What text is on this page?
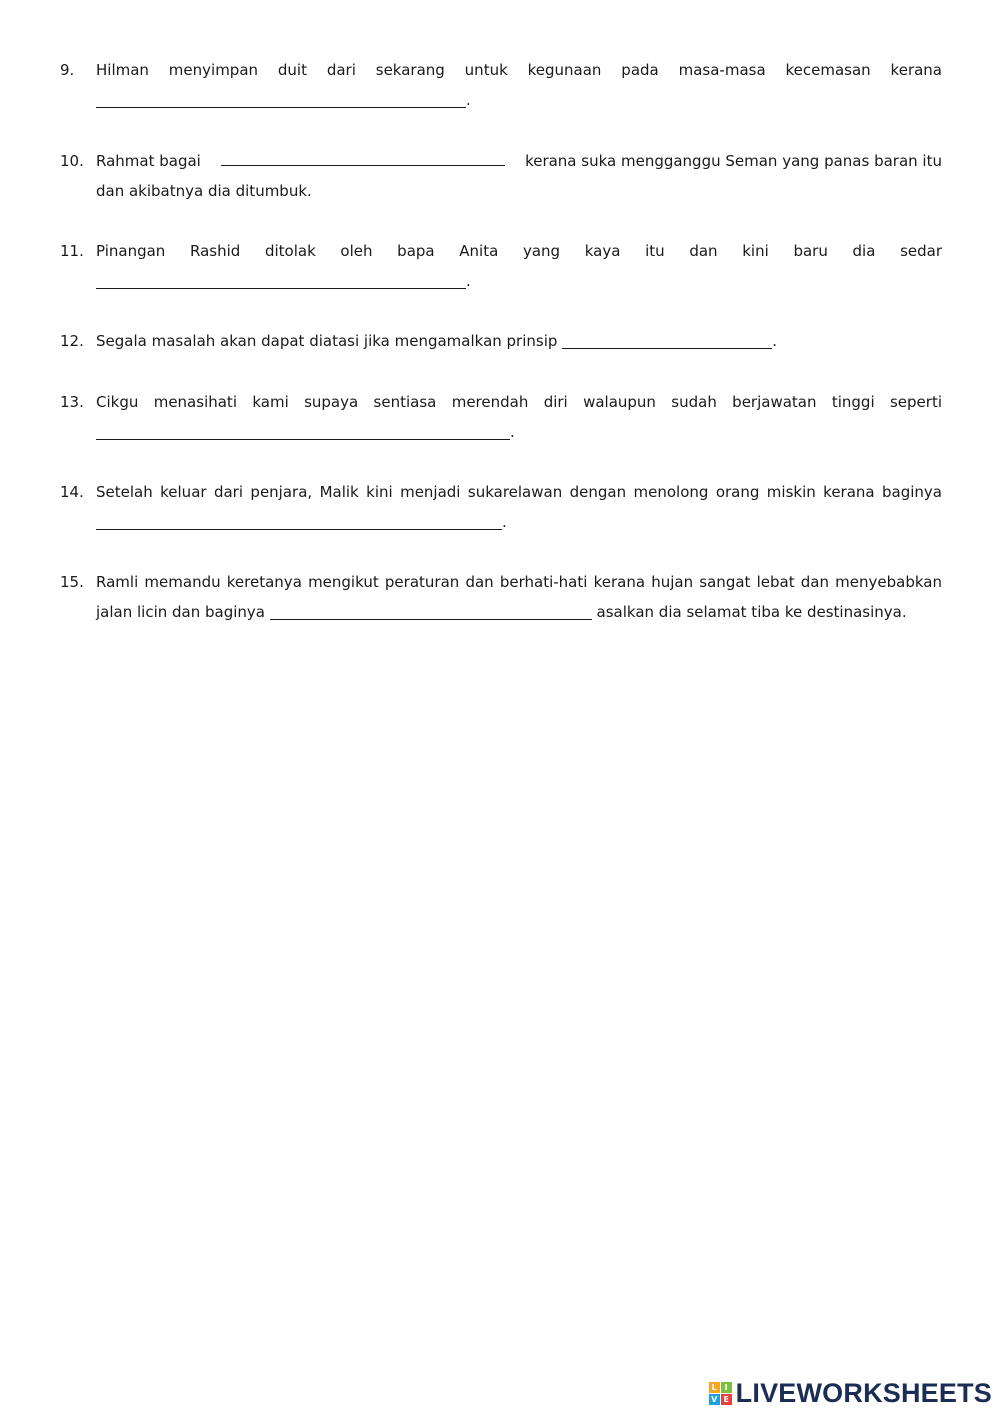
9.	Hilman menyimpan duit dari sekarang untuk kegunaan pada masa-masa kecemasan kerana
.
10. Rahmat bagai	kerana suka mengganggu Seman yang panas baran itu
dan akibatnya dia ditumbuk.
11. Pinangan Rashid ditolak oleh bapa Anita yang kaya itu dan kini baru dia sedar
.
12. Segala masalah akan dapat diatasi jika mengamalkan prinsip	.
13. Cikgu menasihati kami supaya sentiasa merendah diri walaupun sudah berjawatan tinggi seperti
.
14. Setelah keluar dari penjara, Malik kini menjadi sukarelawan dengan menolong orang miskin kerana baginya
.
15. Ramli memandu keretanya mengikut peraturan dan berhati-hati kerana hujan sangat lebat dan menyebabkan
jalan licin dan baginya	asalkan dia selamat tiba ke destinasinya.
L I
V E LIVEWORKSHEETS
